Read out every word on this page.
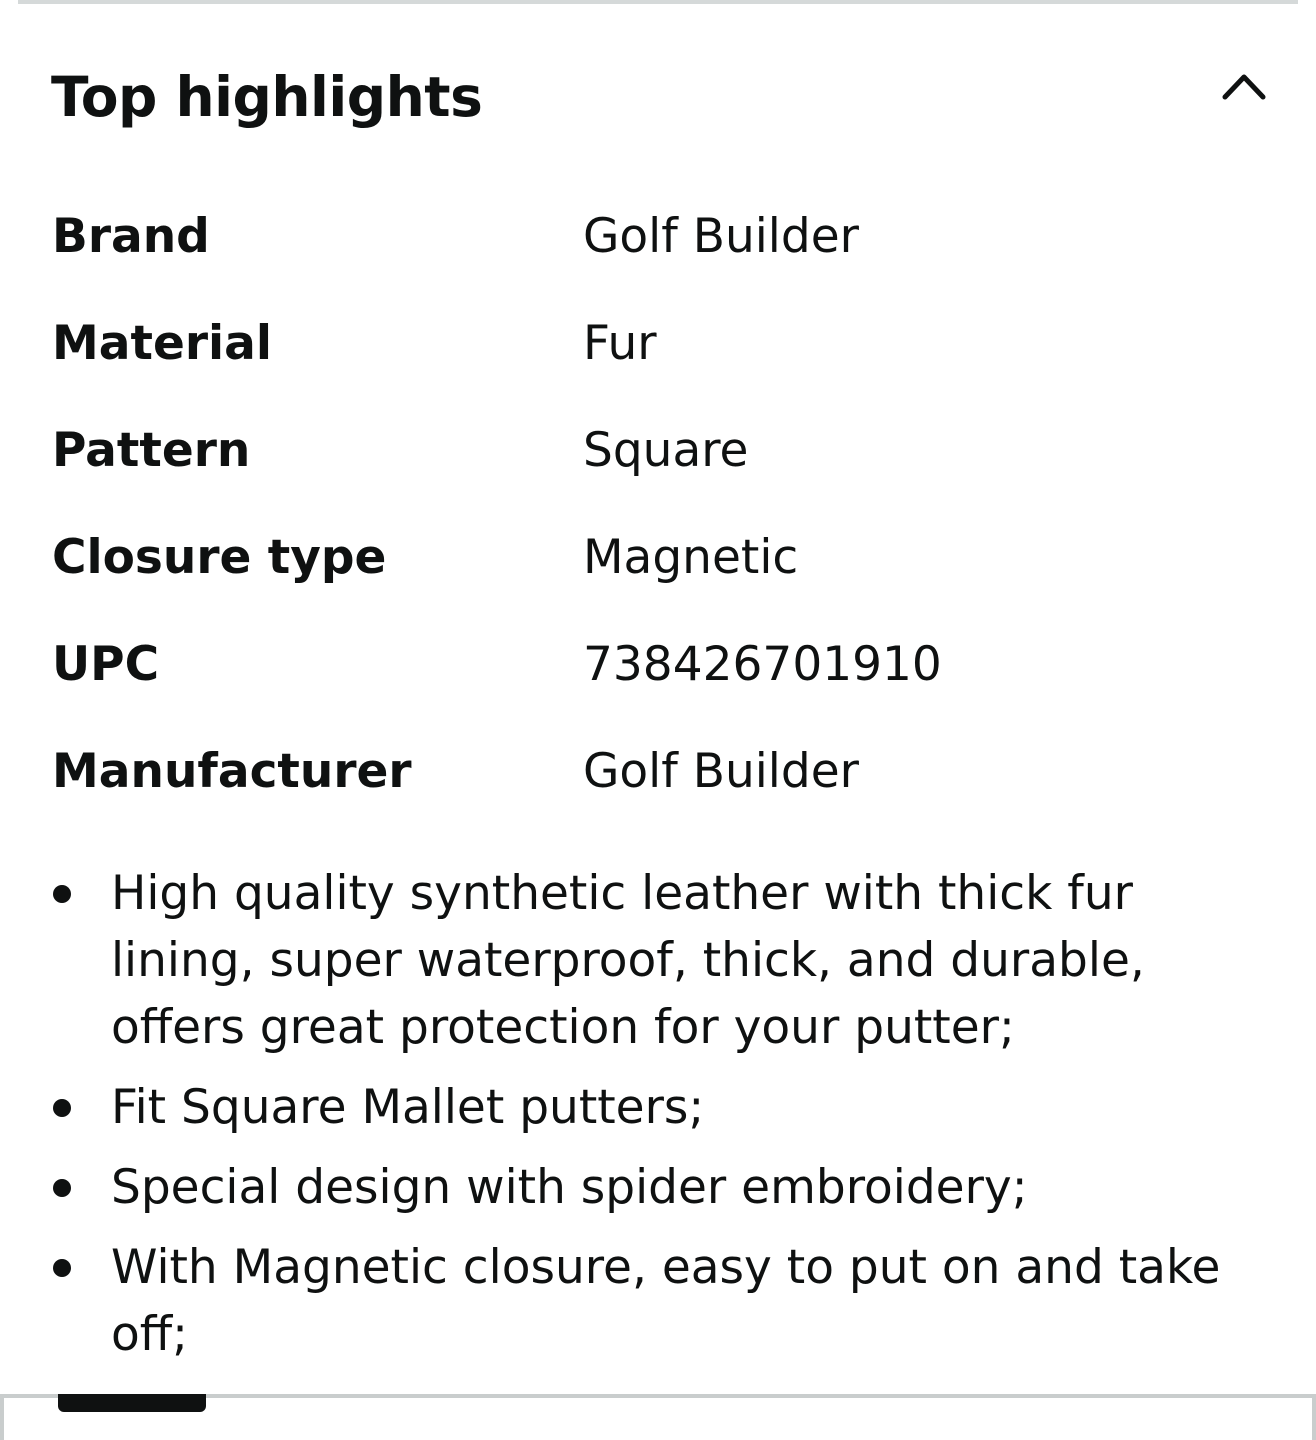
Top highlights
Brand	Golf Builder
Material	Fur
Pattern	Square
Closure type	Magnetic
UPC	738426701910
Manufacturer	Golf Builder
High quality synthetic leather with thick fur lining, super waterproof, thick, and durable, offers great protection for your putter;
Fit Square Mallet putters;
Special design with spider embroidery;
With Magnetic closure, easy to put on and take off;
